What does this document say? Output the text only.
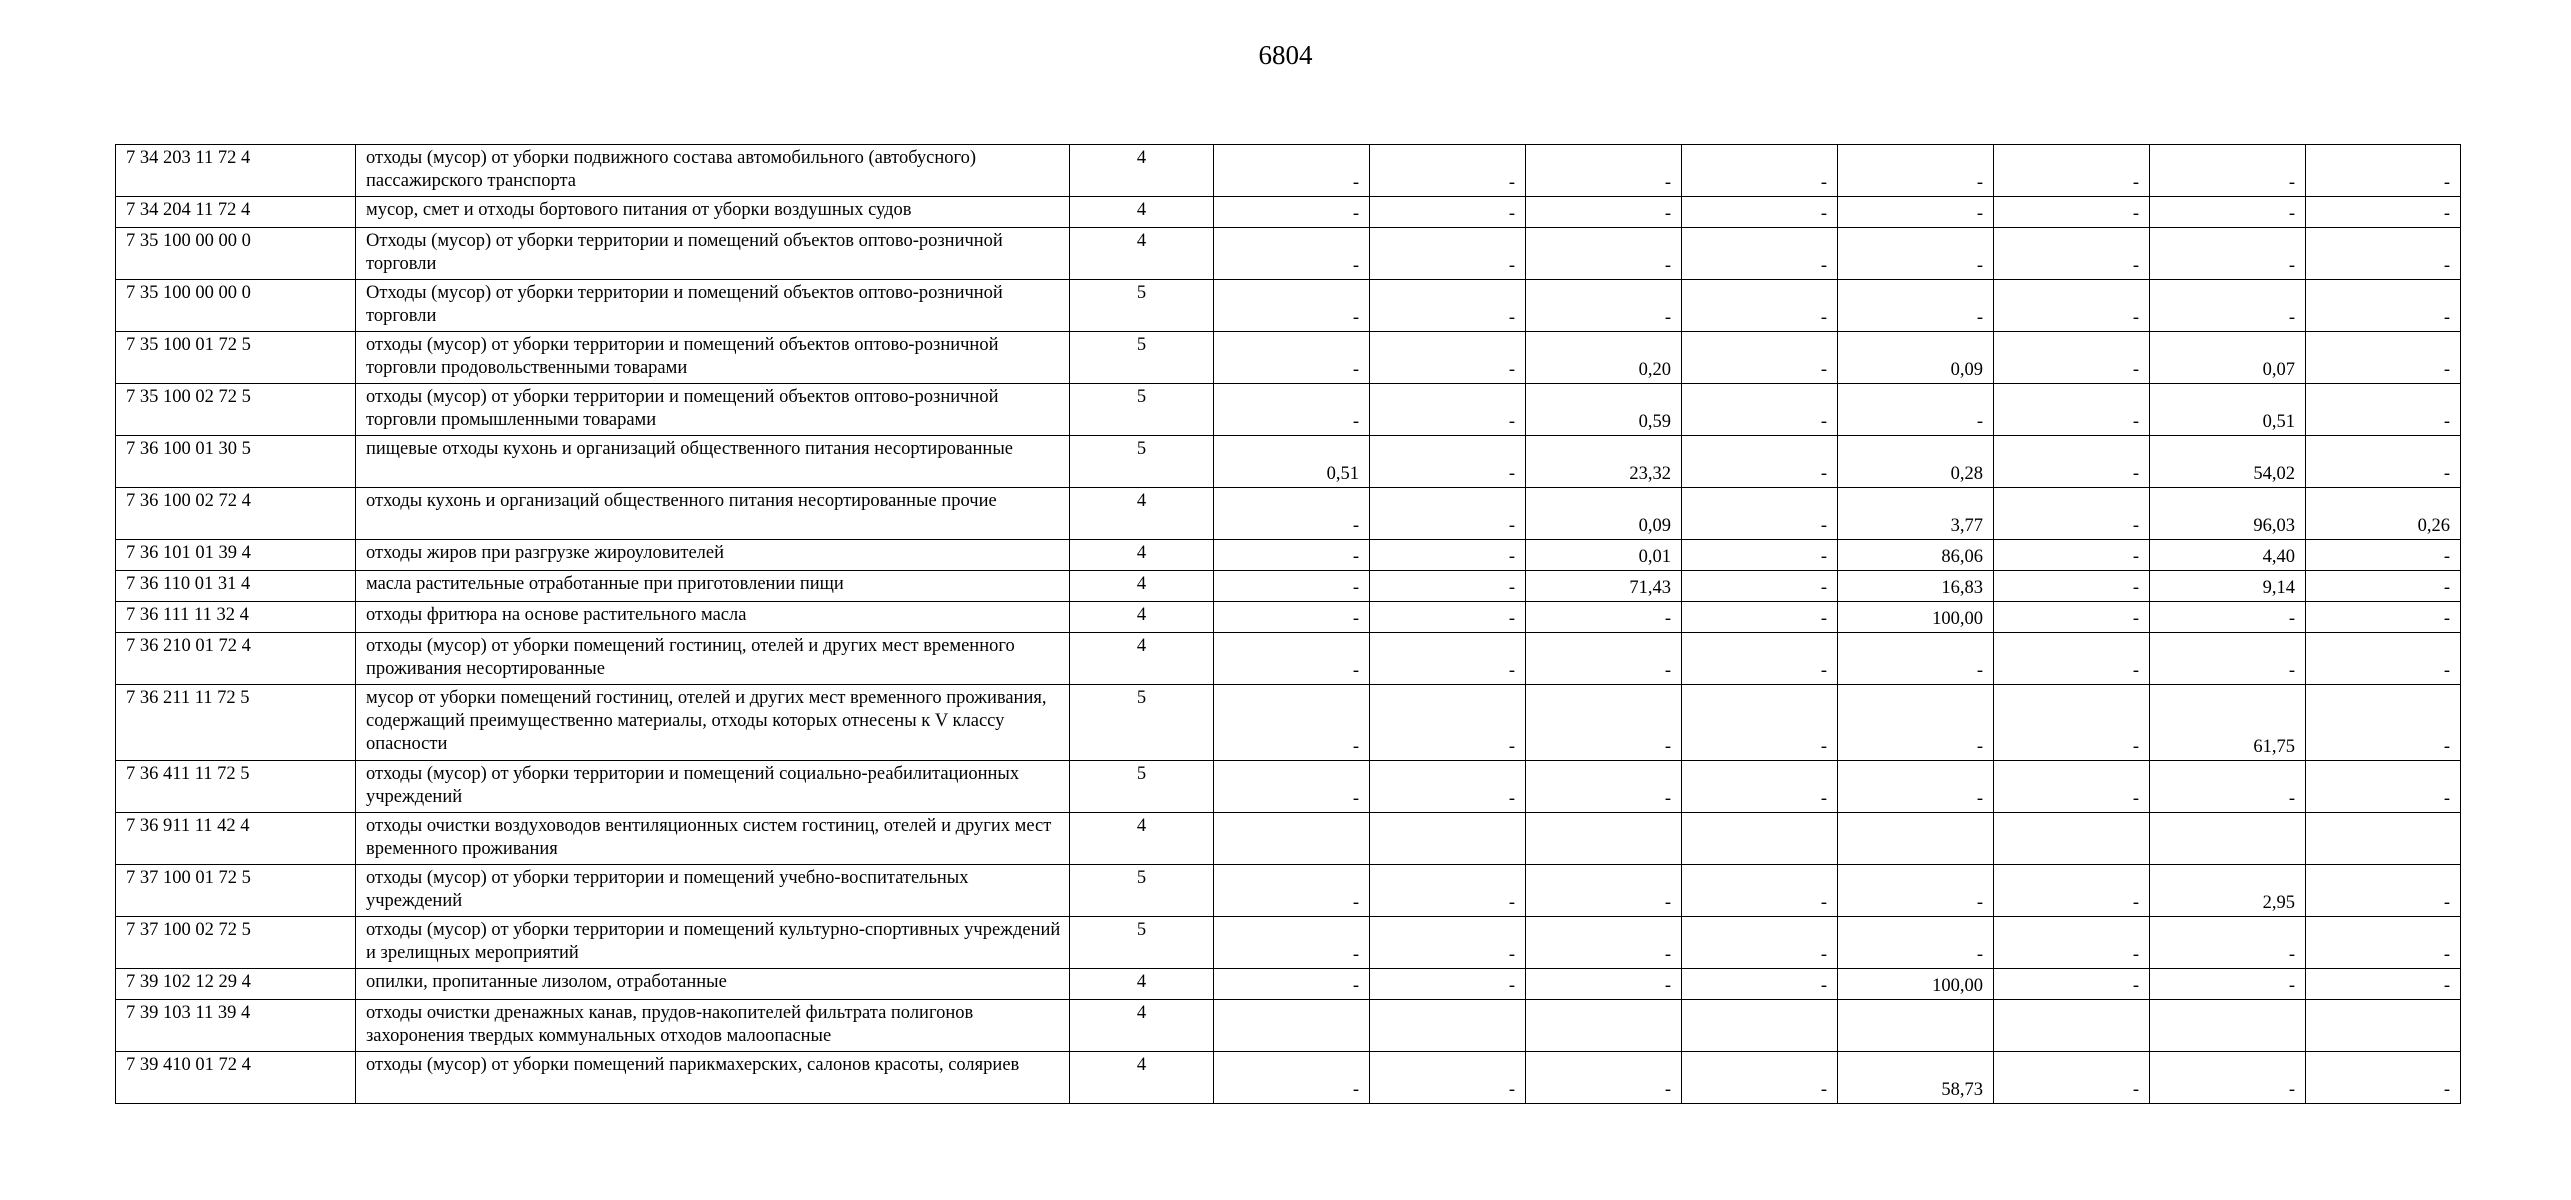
6804
7 34 203 11 72 4	отходы (мусор) от уборки подвижного состава автомобильного (автобусного) пассажирского транспорта	4	-	-	-	-	-	-	-	-
7 34 204 11 72 4	мусор, смет и отходы бортового питания от уборки воздушных судов	4	-	-	-	-	-	-	-	-
7 35 100 00 00 0	Отходы (мусор) от уборки территории и помещений объектов оптово-розничной торговли	4	-	-	-	-	-	-	-	-
7 35 100 00 00 0	Отходы (мусор) от уборки территории и помещений объектов оптово-розничной торговли	5	-	-	-	-	-	-	-	-
7 35 100 01 72 5	отходы (мусор) от уборки территории и помещений объектов оптово-розничной торговли продовольственными товарами	5	-	-	0,20	-	0,09	-	0,07	-
7 35 100 02 72 5	отходы (мусор) от уборки территории и помещений объектов оптово-розничной торговли промышленными товарами	5	-	-	0,59	-	-	-	0,51	-
7 36 100 01 30 5	пищевые отходы кухонь и организаций общественного питания несортированные	5	0,51	-	23,32	-	0,28	-	54,02	-
7 36 100 02 72 4	отходы кухонь и организаций общественного питания несортированные прочие	4	-	-	0,09	-	3,77	-	96,03	0,26
7 36 101 01 39 4	отходы жиров при разгрузке жироуловителей	4	-	-	0,01	-	86,06	-	4,40	-
7 36 110 01 31 4	масла растительные отработанные при приготовлении пищи	4	-	-	71,43	-	16,83	-	9,14	-
7 36 111 11 32 4	отходы фритюра на основе растительного масла	4	-	-	-	-	100,00	-	-	-
7 36 210 01 72 4	отходы (мусор) от уборки помещений гостиниц, отелей и других мест временного проживания несортированные	4	-	-	-	-	-	-	-	-
7 36 211 11 72 5	мусор от уборки помещений гостиниц, отелей и других мест временного проживания, содержащий преимущественно материалы, отходы которых отнесены к V классу опасности	5	-	-	-	-	-	-	61,75	-
7 36 411 11 72 5	отходы (мусор) от уборки территории и помещений социально-реабилитационных учреждений	5	-	-	-	-	-	-	-	-
7 36 911 11 42 4	отходы очистки воздуховодов вентиляционных систем гостиниц, отелей и других мест временного проживания	4								
7 37 100 01 72 5	отходы (мусор) от уборки территории и помещений учебно-воспитательных учреждений	5	-	-	-	-	-	-	2,95	-
7 37 100 02 72 5	отходы (мусор) от уборки территории и помещений культурно-спортивных учреждений и зрелищных мероприятий	5	-	-	-	-	-	-	-	-
7 39 102 12 29 4	опилки, пропитанные лизолом, отработанные	4	-	-	-	-	100,00	-	-	-
7 39 103 11 39 4	отходы очистки дренажных канав, прудов-накопителей фильтрата полигонов захоронения твердых коммунальных отходов малоопасные	4								
7 39 410 01 72 4	отходы (мусор) от уборки помещений парикмахерских, салонов красоты, соляриев	4	-	-	-	-	58,73	-	-	-
